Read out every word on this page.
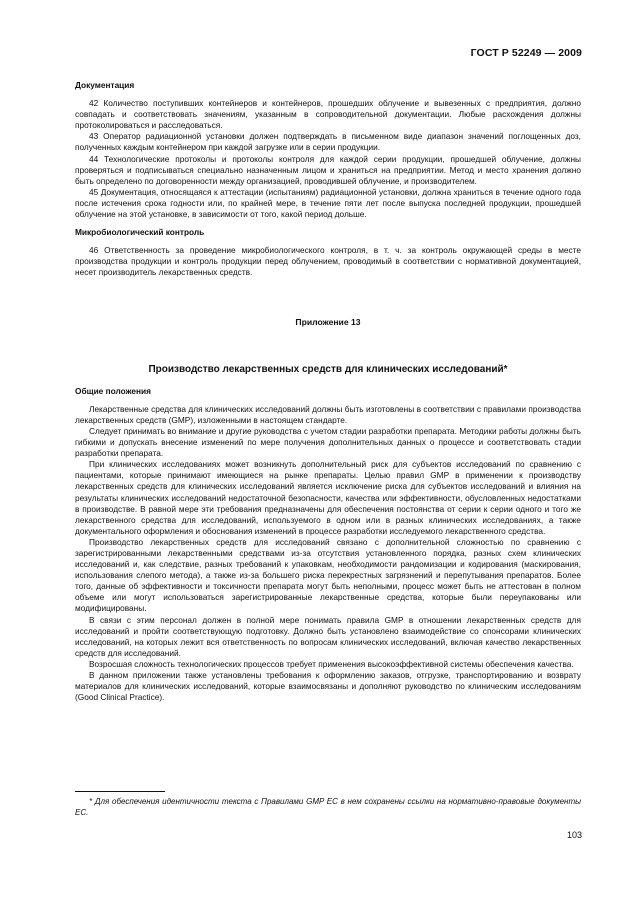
ГОСТ Р 52249 — 2009
Документация

42 Количество поступивших контейнеров и контейнеров, прошедших облучение и вывезенных с предприятия, должно совпадать и соответствовать значениям, указанным в сопроводительной документации. Любые расхождения должны протоколироваться и расследоваться.

43 Оператор радиационной установки должен подтверждать в письменном виде диапазон значений поглощенных доз, полученных каждым контейнером при каждой загрузке или в серии продукции.

44 Технологические протоколы и протоколы контроля для каждой серии продукции, прошедшей облучение, должны проверяться и подписываться специально назначенным лицом и храниться на предприятии. Метод и место хранения должно быть определено по договоренности между организацией, проводившей облучение, и производителем.

45 Документация, относящаяся к аттестации (испытаниям) радиационной установки, должна храниться в течение одного года после истечения срока годности или, по крайней мере, в течение пяти лет после выпуска последней продукции, прошедшей облучение на этой установке, в зависимости от того, какой период дольше.

Микробиологический контроль

46 Ответственность за проведение микробиологического контроля, в т. ч. за контроль окружающей среды в месте производства продукции и контроль продукции перед облучением, проводимый в соответствии с нормативной документацией, несет производитель лекарственных средств.

Приложение 13
Производство лекарственных средств для клинических исследований*
Общие положения

Лекарственные средства для клинических исследований должны быть изготовлены в соответствии с правилами производства лекарственных средств (GMP), изложенными в настоящем стандарте.

Следует принимать во внимание и другие руководства с учетом стадии разработки препарата. Методики работы должны быть гибкими и допускать внесение изменений по мере получения дополнительных данных о процессе и соответствовать стадии разработки препарата.

При клинических исследованиях может возникнуть дополнительный риск для субъектов исследований по сравнению с пациентами, которые принимают имеющиеся на рынке препараты. Целью правил GMP в применении к производству лекарственных средств для клинических исследований является исключение риска для субъектов исследований и влияния на результаты клинических исследований недостаточной безопасности, качества или эффективности, обусловленных недостатками в производстве. В равной мере эти требования предназначены для обеспечения постоянства от серии к серии одного и того же лекарственного средства для исследований, используемого в одном или в разных клинических исследованиях, а также документального оформления и обоснования изменений в процессе разработки исследуемого лекарственного средства.

Производство лекарственных средств для исследований связано с дополнительной сложностью по сравнению с зарегистрированными лекарственными средствами из-за отсутствия установленного порядка, разных схем клинических исследований и, как следствие, разных требований к упаковкам, необходимости рандомизации и кодирования (маскирования, использования слепого метода), а также из-за большего риска перекрестных загрязнений и перепутывания препаратов. Более того, данные об эффективности и токсичности препарата могут быть неполными, процесс может быть не аттестован в полном объеме или могут использоваться зарегистрированные лекарственные средства, которые были переупакованы или модифицированы.

В связи с этим персонал должен в полной мере понимать правила GMP в отношении лекарственных средств для исследований и пройти соответствующую подготовку. Должно быть установлено взаимодействие со спонсорами клинических исследований, на которых лежит вся ответственность по вопросам клинических исследований, включая качество лекарственных средств для исследований.

Возросшая сложность технологических процессов требует применения высокоэффективной системы обеспечения качества.

В данном приложении также установлены требования к оформлению заказов, отгрузке, транспортированию и возврату материалов для клинических исследований, которые взаимосвязаны и дополняют руководство по клиническим исследованиям (Good Clinical Practice).

* Для обеспечения идентичности текста с Правилами GMP ЕС в нем сохранены ссылки на нормативно-правовые документы ЕС.
103
